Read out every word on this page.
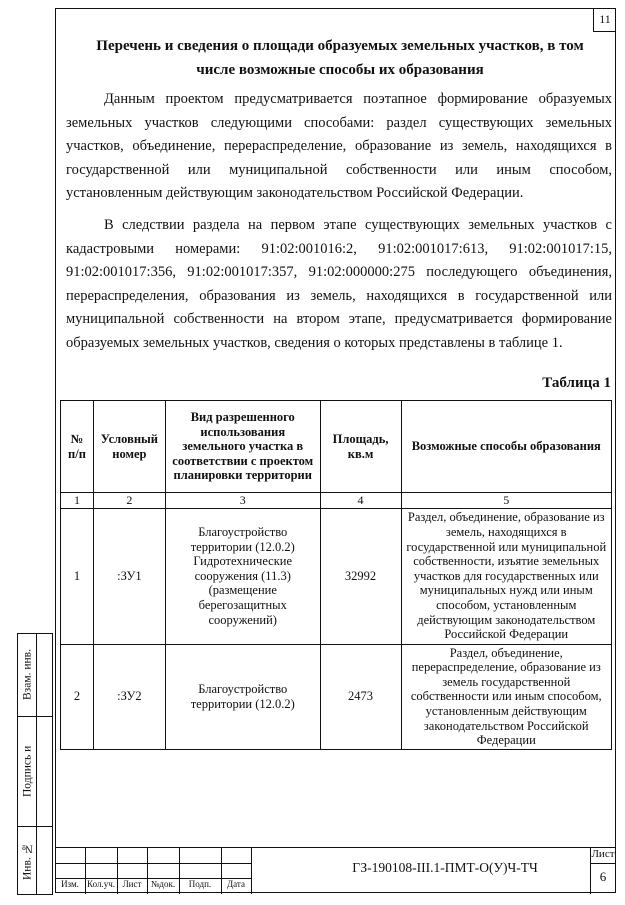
11
Перечень и сведения о площади образуемых земельных участков, в том
числе возможные способы их образования
Данным проектом предусматривается поэтапное формирование образуемых
земельных участков следующими способами: раздел существующих земельных
участков, объединение, перераспределение, образование из земель, находящихся в
государственной или муниципальной собственности или иным способом,
установленным действующим законодательством Российской Федерации.
В следствии раздела на первом этапе существующих земельных участков с
кадастровыми номерами: 91:02:001016:2, 91:02:001017:613, 91:02:001017:15,
91:02:001017:356, 91:02:001017:357, 91:02:000000:275 последующего объединения,
перераспределения, образования из земель, находящихся в государственной или
муниципальной собственности на втором этапе, предусматривается формирование
образуемых земельных участков, сведения о которых представлены в таблице 1.
Таблица 1
№ п/п	Условный номер	Вид разрешенного использования земельного участка в соответствии с проектом планировки территории	Площадь, кв.м	Возможные способы образования
1	2	3	4	5
1	:ЗУ1	Благоустройство территории (12.0.2) Гидротехнические сооружения (11.3) (размещение берегозащитных сооружений)	32992	Раздел, объединение, образование из земель, находящихся в государственной или муниципальной собственности, изъятие земельных участков для государственных или муниципальных нужд или иным способом, установленным действующим законодательством Российской Федерации
2	:ЗУ2	Благоустройство территории (12.0.2)	2473	Раздел, объединение, перераспределение, образование из земель государственной собственности или иным способом, установленным действующим законодательством Российской Федерации
Взам. инв.
Подпись и
Инв. №
Изм. Кол.уч. Лист	№док.	Подп.	Дата
ГЗ-190108-III.1-ПМТ-О(У)Ч-ТЧ
Лист
6
